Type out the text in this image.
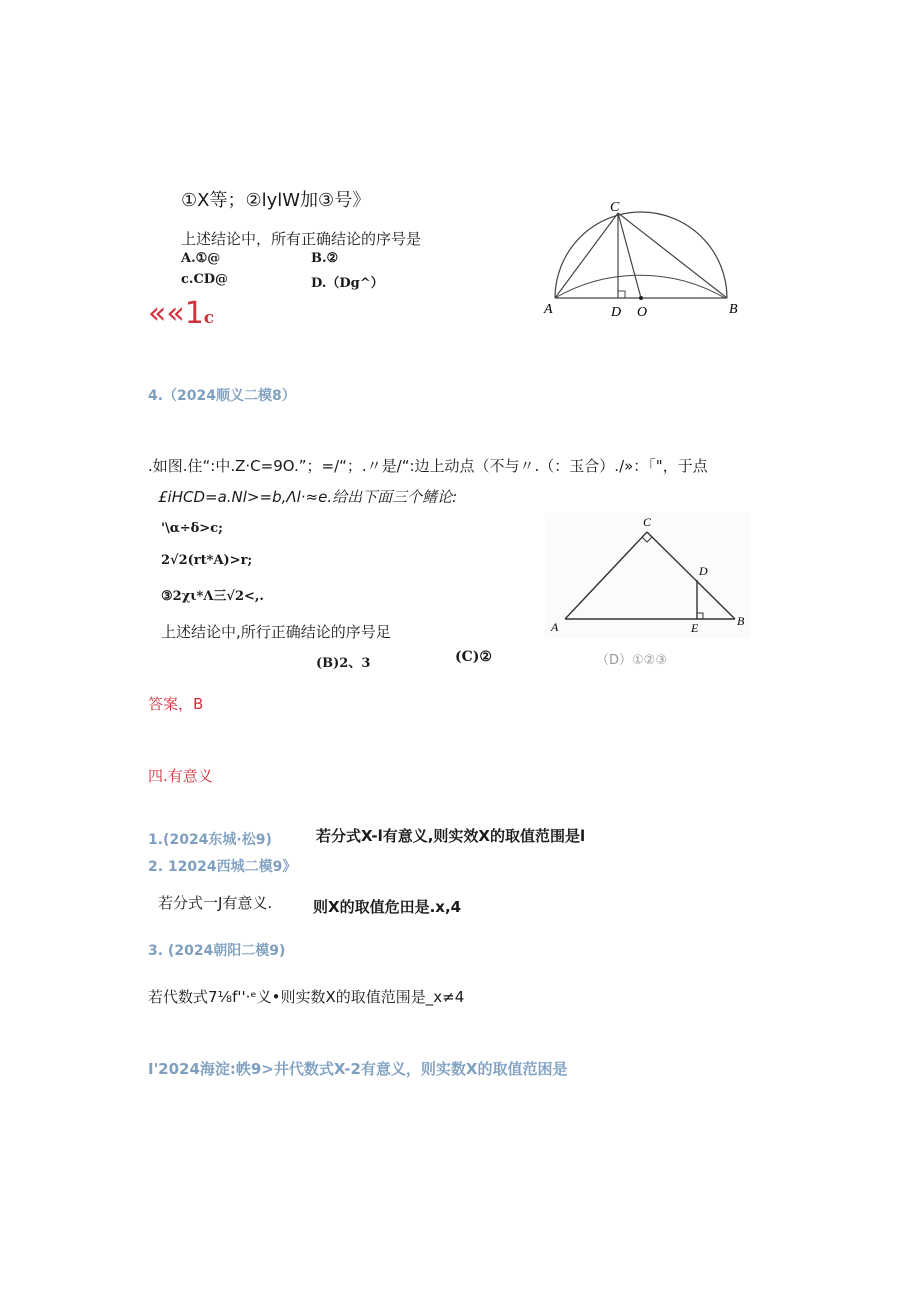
①X等；②lylW加③号》
上述结论中，所有正确结论的序号是
A.①@	B.②
c.CD@	D.（Dg^）
««1c
C
A	D O	B
4.（2024顺义二模8）
.如图.住“:中.Z·C=9O.”；=/“；.〃是/“:边上动点（不与〃.（：玉合）./»：「"，于点
£iHCD=a.Nl>=b,Λl·≈e.给出下面三个鳍论:
'\α÷δ>c;
2√2(rt*A)>r;
③2χι*Λ三√2<,.
上述结论中,所行正确结论的序号足
(B)2、3	(C)②	（D）①②③
C
A
D
E	B
答案，B
四.有意义
1.(2024东城·松9)	若分式X-l有意义,则实效X的取值范围是l
2. 12024西城二模9》
若分式一J有意义.	则X的取值危田是.x,4
3. (2024朝阳二模9)
若代数式7⅛f''·ᵉ义•则实数X的取值范围是_x≠4
I'2024海淀:帙9>井代数式X-2有意义，则实数X的取值范困是
